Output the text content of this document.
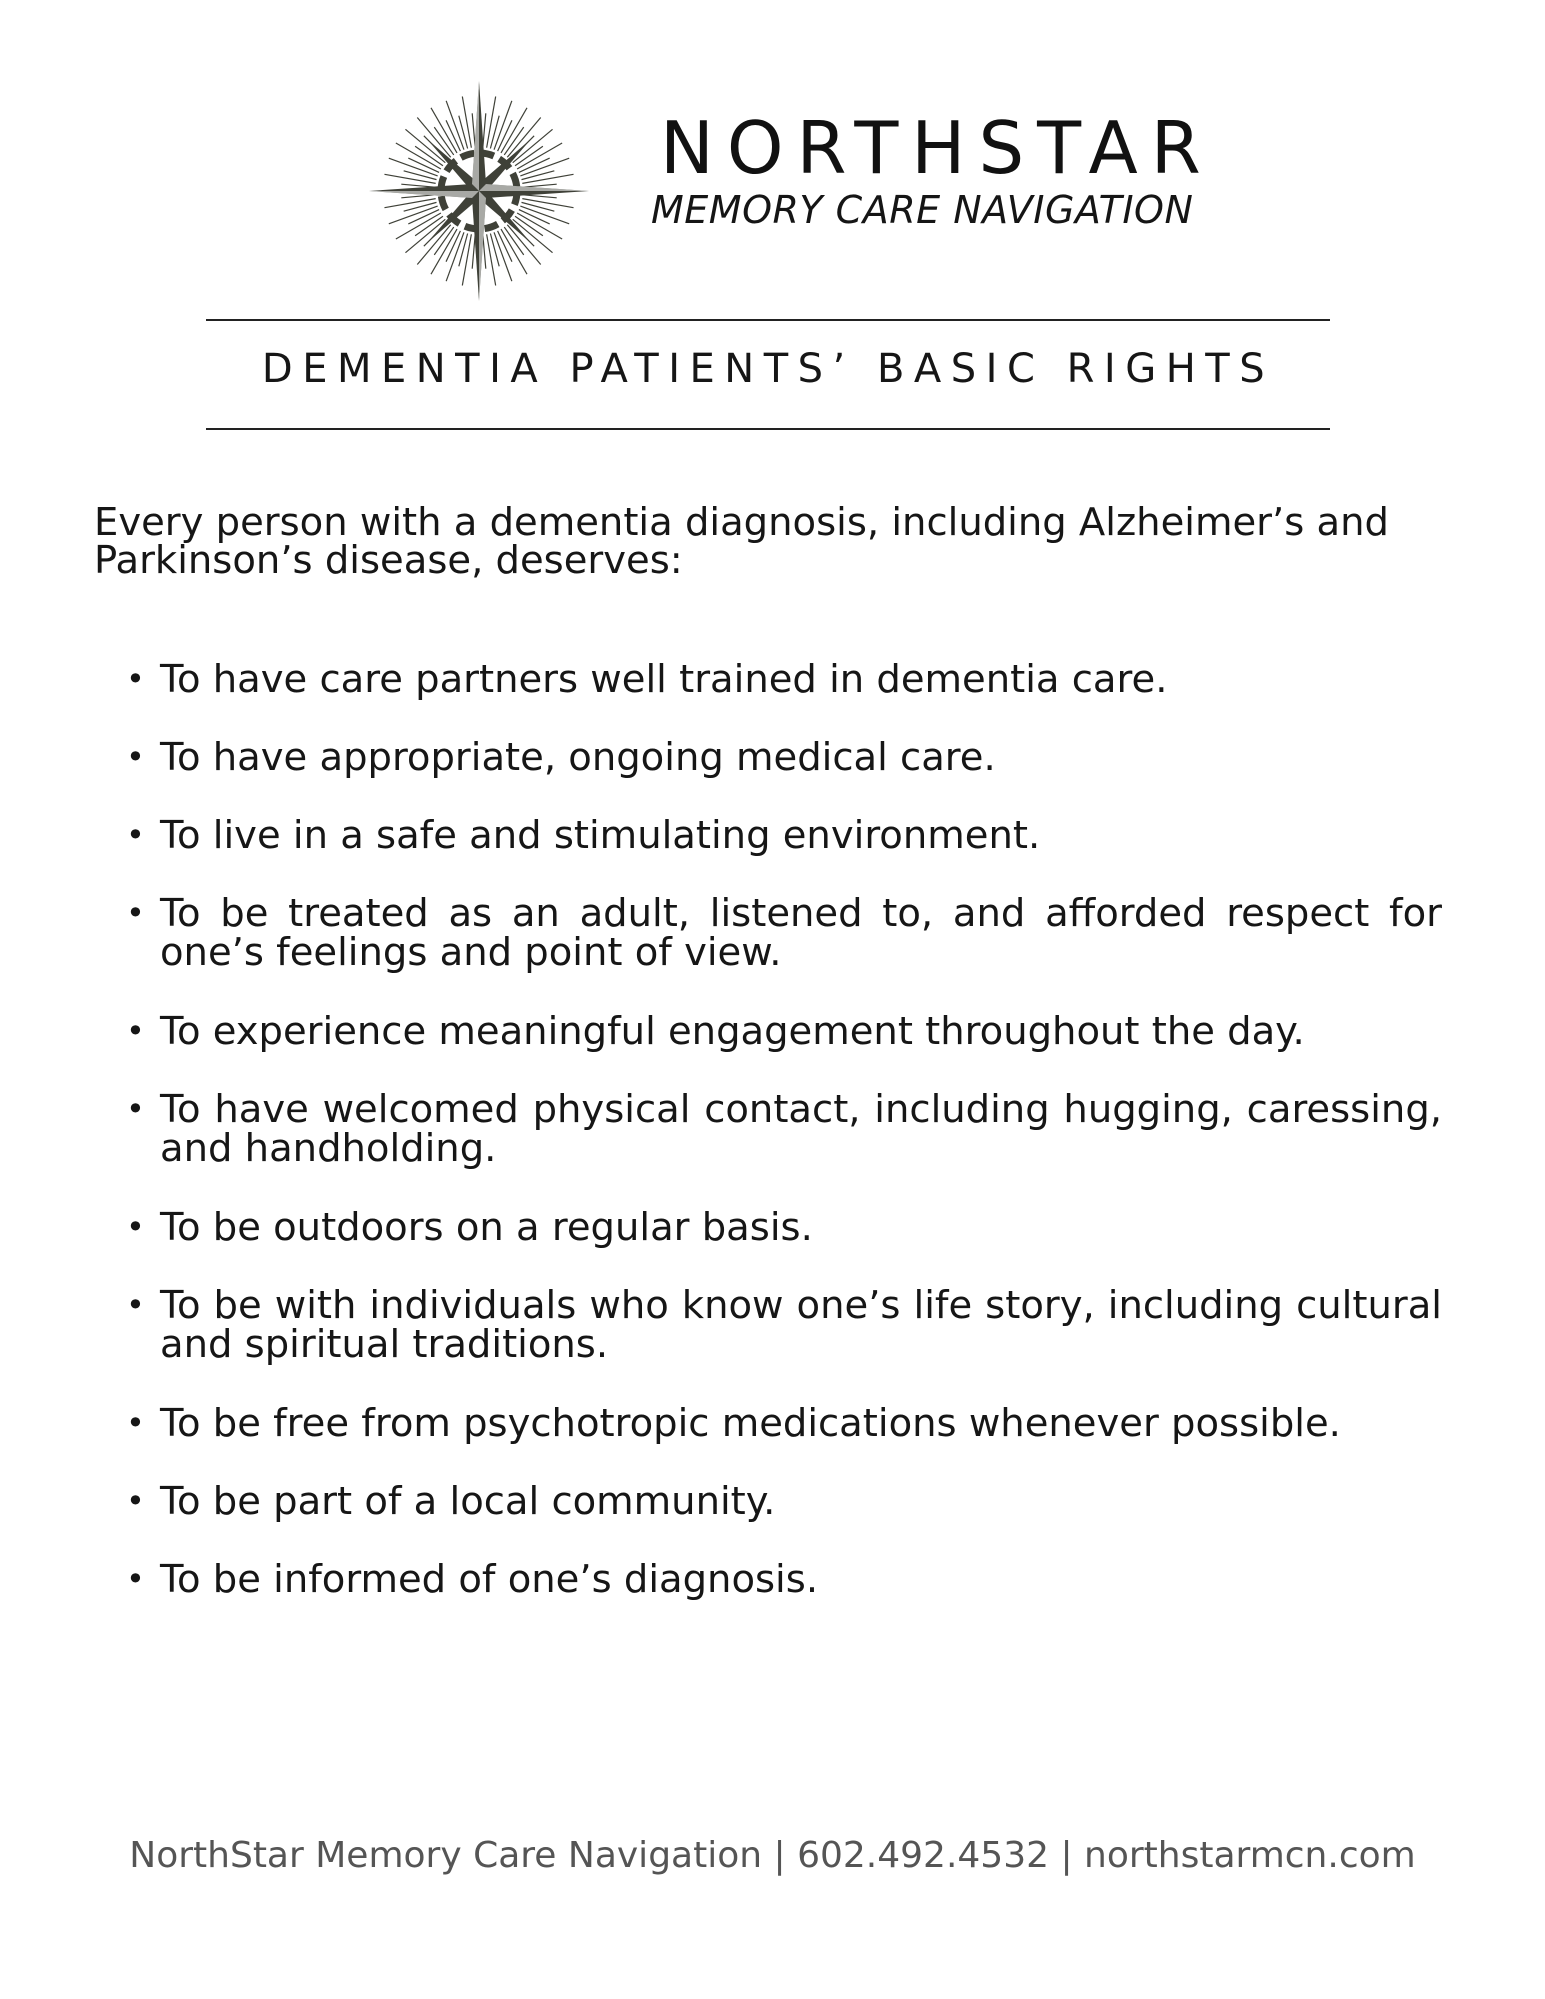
NORTHSTAR
MEMORY CARE NAVIGATION
DEMENTIA PATIENTS’ BASIC RIGHTS

Every person with a dementia diagnosis, including Alzheimer’s and Parkinson’s disease, deserves:

• To have care partners well trained in dementia care.
• To have appropriate, ongoing medical care.
• To live in a safe and stimulating environment.
• To be treated as an adult, listened to, and afforded respect for one’s feelings and point of view.
• To experience meaningful engagement throughout the day.
• To have welcomed physical contact, including hugging, caressing, and handholding.
• To be outdoors on a regular basis.
• To be with individuals who know one’s life story, including cultural and spiritual traditions.
• To be free from psychotropic medications whenever possible.
• To be part of a local community.
• To be informed of one’s diagnosis.
NorthStar Memory Care Navigation | 602.492.4532 | northstarmcn.com
